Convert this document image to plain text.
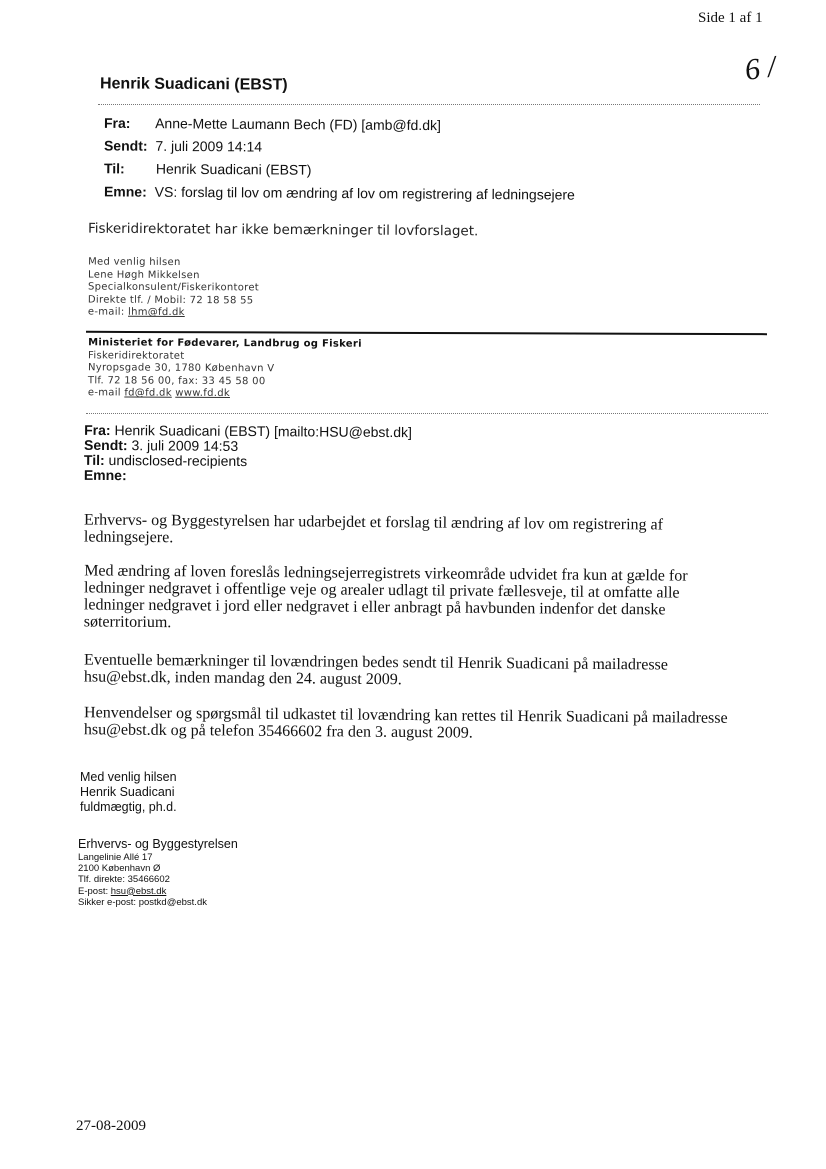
Side 1 af 1
6 /
Henrik Suadicani (EBST)
Fra: Anne-Mette Laumann Bech (FD) [amb@fd.dk]
Sendt: 7. juli 2009 14:14
Til: Henrik Suadicani (EBST)
Emne: VS: forslag til lov om ændring af lov om registrering af ledningsejere
Fiskeridirektoratet har ikke bemærkninger til lovforslaget.
Med venlig hilsen
Lene Høgh Mikkelsen
Specialkonsulent/Fiskerikontoret
Direkte tlf. / Mobil: 72 18 58 55
e-mail: lhm@fd.dk
Ministeriet for Fødevarer, Landbrug og Fiskeri
Fiskeridirektoratet
Nyropsgade 30, 1780 København V
Tlf. 72 18 56 00, fax: 33 45 58 00
e-mail fd@fd.dk www.fd.dk
Fra: Henrik Suadicani (EBST) [mailto:HSU@ebst.dk]
Sendt: 3. juli 2009 14:53
Til: undisclosed-recipients
Emne:
Erhvervs- og Byggestyrelsen har udarbejdet et forslag til ændring af lov om registrering af
ledningsejere.
Med ændring af loven foreslås ledningsejerregistrets virkeområde udvidet fra kun at gælde for
ledninger nedgravet i offentlige veje og arealer udlagt til private fællesveje, til at omfatte alle
ledninger nedgravet i jord eller nedgravet i eller anbragt på havbunden indenfor det danske
søterritorium.
Eventuelle bemærkninger til lovændringen bedes sendt til Henrik Suadicani på mailadresse
hsu@ebst.dk, inden mandag den 24. august 2009.
Henvendelser og spørgsmål til udkastet til lovændring kan rettes til Henrik Suadicani på mailadresse
hsu@ebst.dk og på telefon 35466602 fra den 3. august 2009.
Med venlig hilsen
Henrik Suadicani
fuldmægtig, ph.d.
Erhvervs- og Byggestyrelsen
Langelinie Allé 17
2100 København Ø
Tlf. direkte: 35466602
E-post: hsu@ebst.dk
Sikker e-post: postkd@ebst.dk
27-08-2009
